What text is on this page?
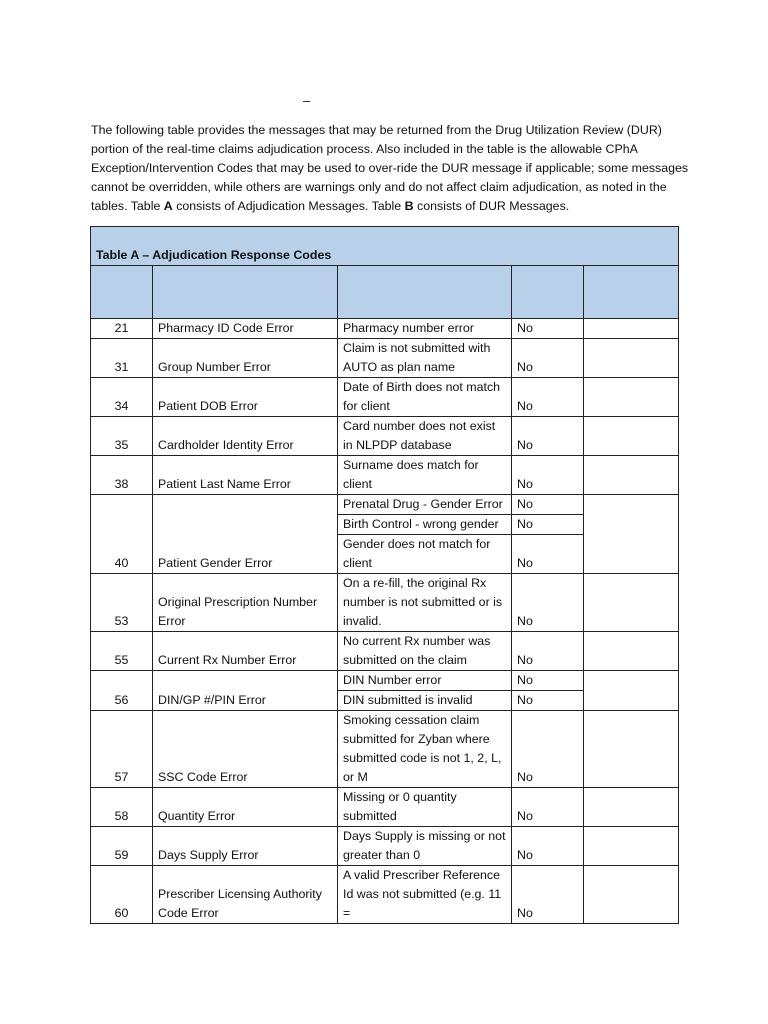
–

The following table provides the messages that may be returned from the Drug Utilization Review (DUR) portion of the real-time claims adjudication process. Also included in the table is the allowable CPhA Exception/Intervention Codes that may be used to over-ride the DUR message if applicable; some messages cannot be overridden, while others are warnings only and do not affect claim adjudication, as noted in the tables. Table A consists of Adjudication Messages. Table B consists of DUR Messages.

Table A – Adjudication Response Codes				

21	Pharmacy ID Code Error	Pharmacy number error	No	
31	Group Number Error	Claim is not submitted with AUTO as plan name	No	
34	Patient DOB Error	Date of Birth does not match for client	No	
35	Cardholder Identity Error	Card number does not exist in NLPDP database	No	
38	Patient Last Name Error	Surname does match for client	No	
40	Patient Gender Error	Prenatal Drug - Gender Error	No	
		Birth Control - wrong gender	No	
		Gender does not match for client	No	
53	Original Prescription Number Error	On a re-fill, the original Rx number is not submitted or is invalid.	No	
55	Current Rx Number Error	No current Rx number was submitted on the claim	No	
56	DIN/GP #/PIN Error	DIN Number error	No	
		DIN submitted is invalid	No	
57	SSC Code Error	Smoking cessation claim submitted for Zyban where submitted code is not 1, 2, L, or M	No	
58	Quantity Error	Missing or 0 quantity submitted	No	
59	Days Supply Error	Days Supply is missing or not greater than 0	No	
60	Prescriber Licensing Authority Code Error	A valid Prescriber Reference Id was not submitted (e.g. 11 =	No	
